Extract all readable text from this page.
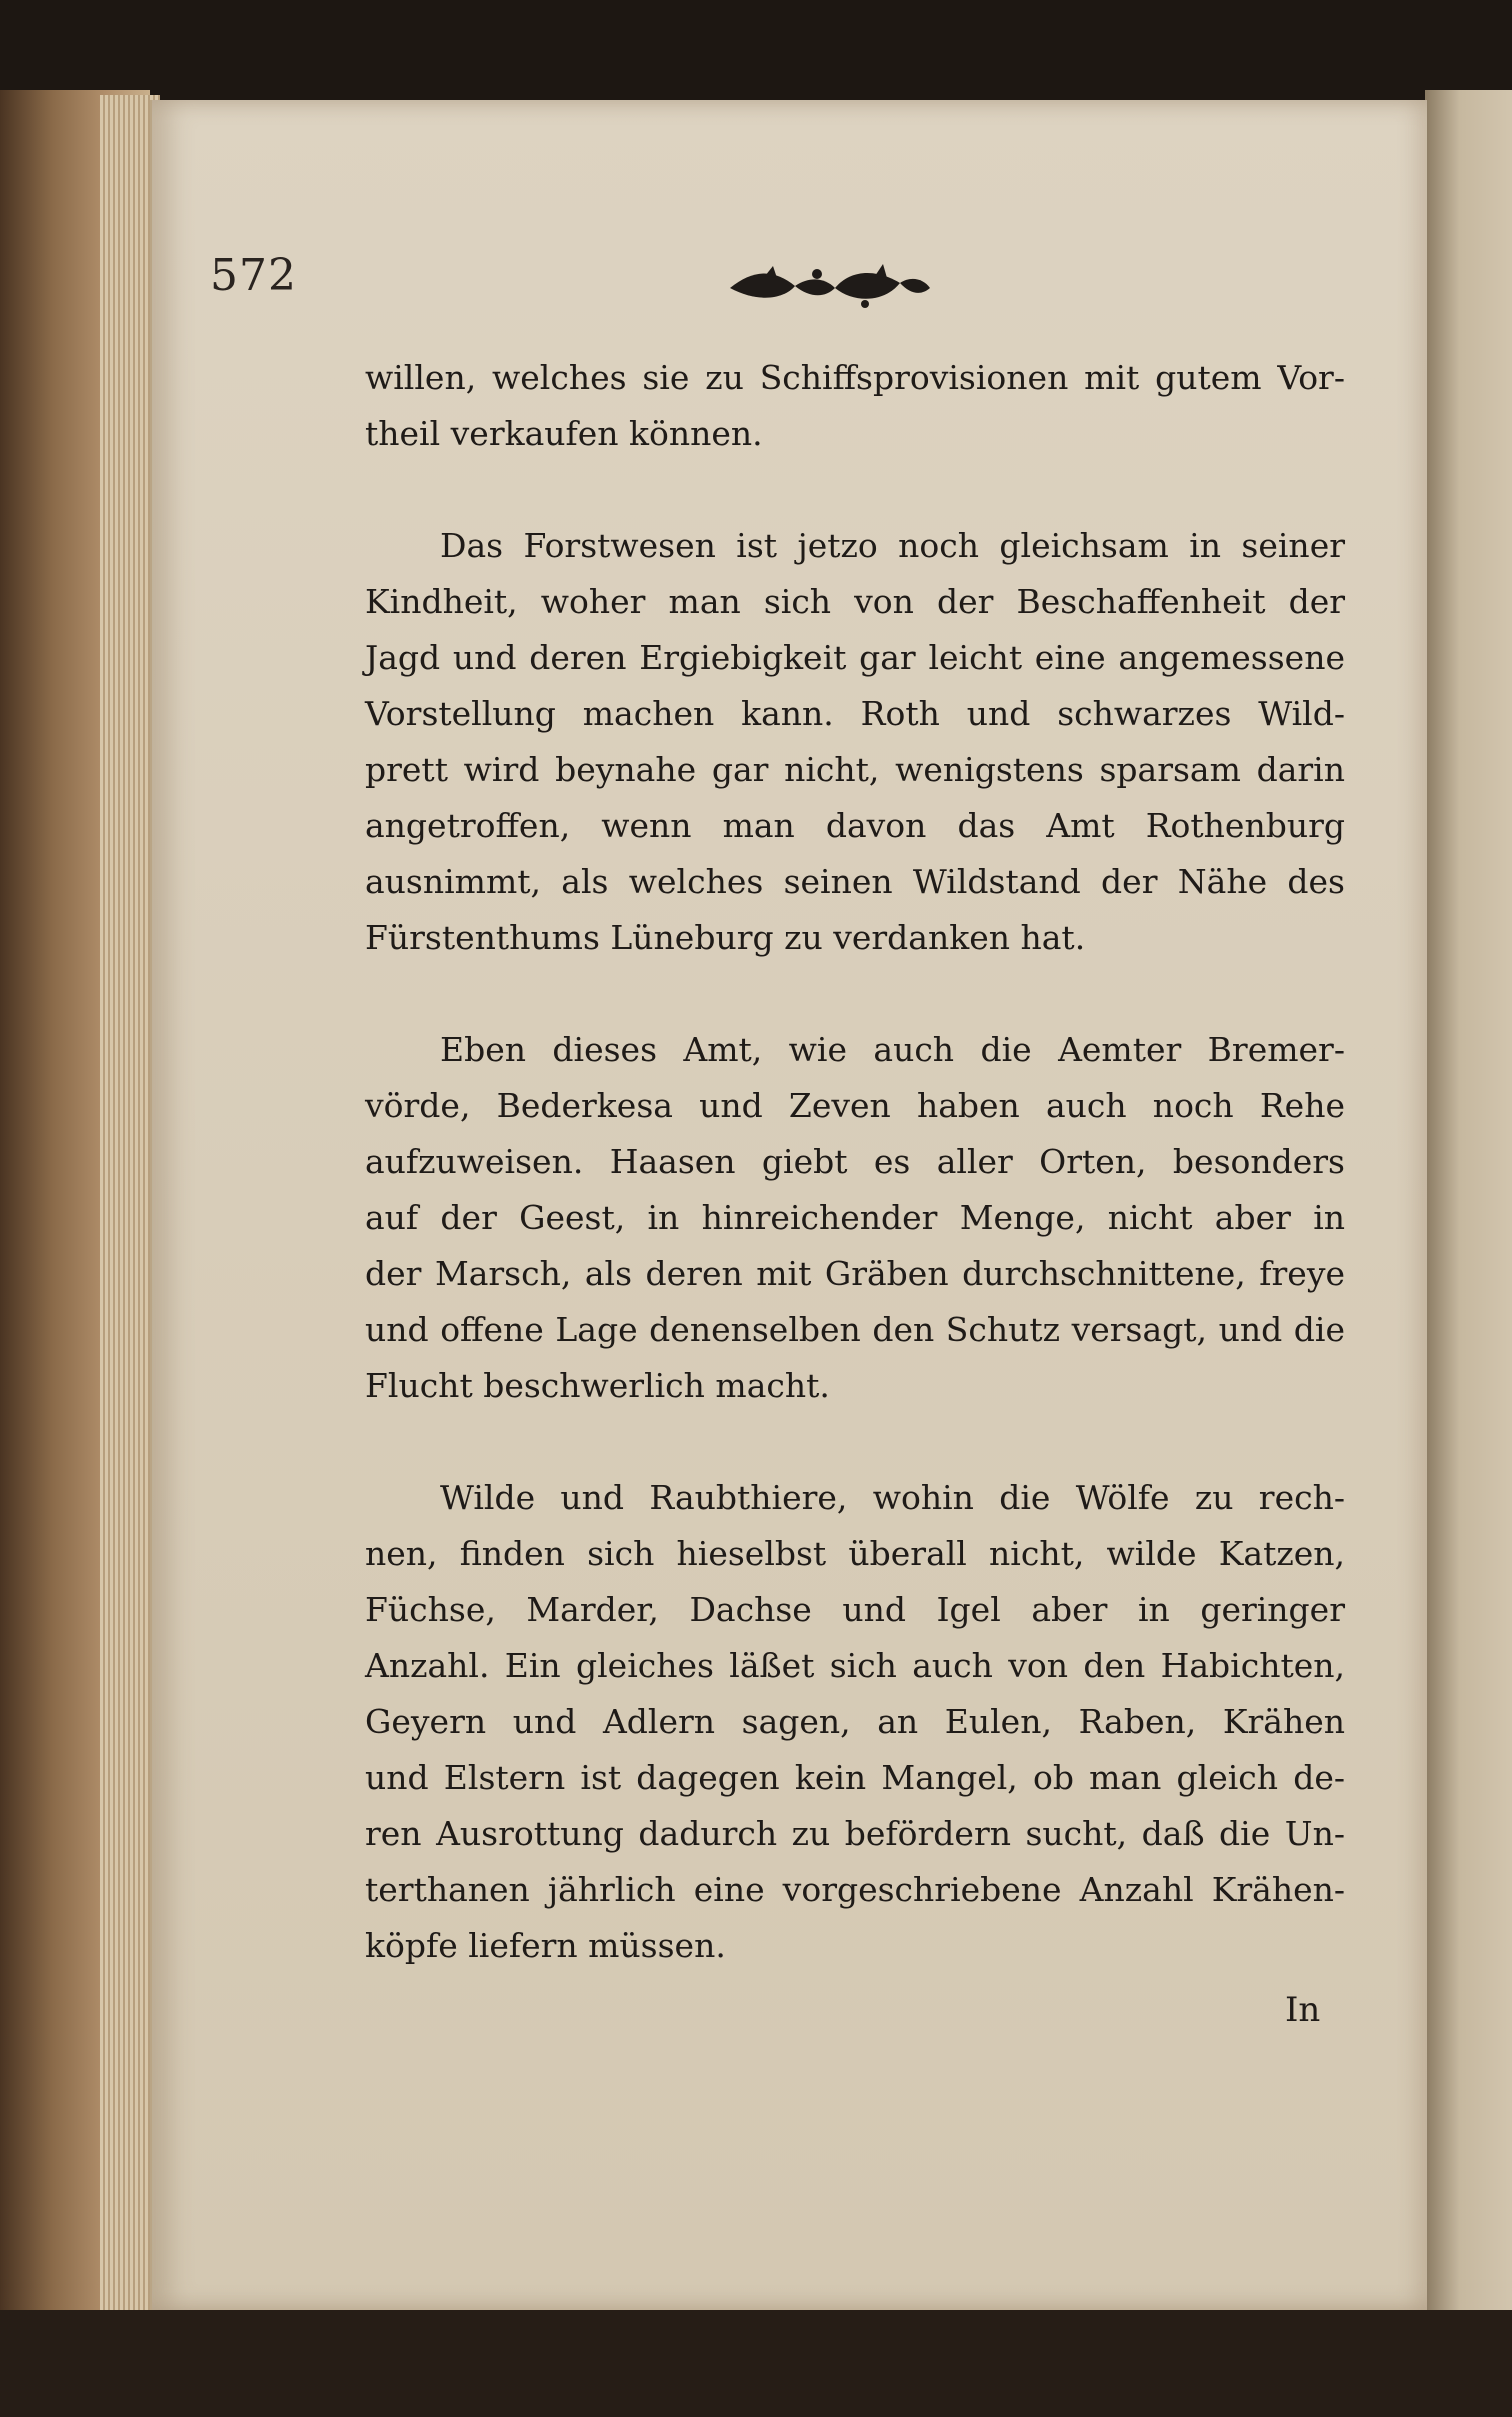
572
willen, welches sie zu Schiffsprovisionen mit gutem Vor-
theil verkaufen können.
Das Forstwesen ist jetzo noch gleichsam in seiner
Kindheit, woher man sich von der Beschaffenheit der
Jagd und deren Ergiebigkeit gar leicht eine angemessene
Vorstellung machen kann. Roth und schwarzes Wild-
prett wird beynahe gar nicht, wenigstens sparsam darin
angetroffen, wenn man davon das Amt Rothenburg
ausnimmt, als welches seinen Wildstand der Nähe des
Fürstenthums Lüneburg zu verdanken hat.
Eben dieses Amt, wie auch die Aemter Bremer-
vörde, Bederkesa und Zeven haben auch noch Rehe
aufzuweisen. Haasen giebt es aller Orten, besonders
auf der Geest, in hinreichender Menge, nicht aber in
der Marsch, als deren mit Gräben durchschnittene, freye
und offene Lage denenselben den Schutz versagt, und die
Flucht beschwerlich macht.
Wilde und Raubthiere, wohin die Wölfe zu rech-
nen, finden sich hieselbst überall nicht, wilde Katzen,
Füchse, Marder, Dachse und Igel aber in geringer
Anzahl. Ein gleiches läßet sich auch von den Habichten,
Geyern und Adlern sagen, an Eulen, Raben, Krähen
und Elstern ist dagegen kein Mangel, ob man gleich de-
ren Ausrottung dadurch zu befördern sucht, daß die Un-
terthanen jährlich eine vorgeschriebene Anzahl Krähen-
köpfe liefern müssen.
In
